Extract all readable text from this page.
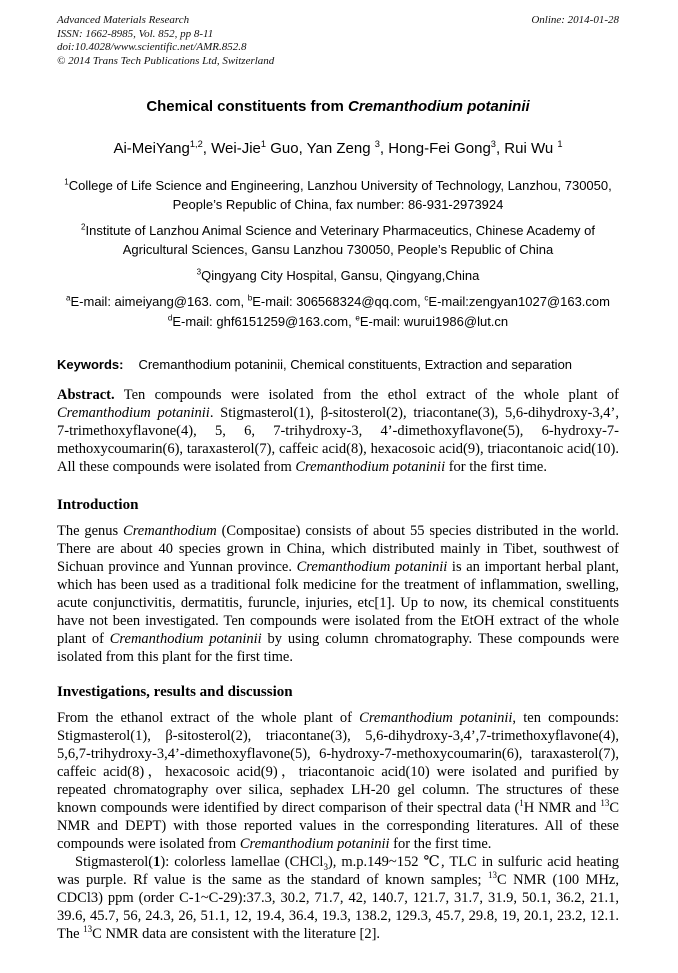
Advanced Materials Research
ISSN: 1662-8985, Vol. 852, pp 8-11
doi:10.4028/www.scientific.net/AMR.852.8
© 2014 Trans Tech Publications Ltd, Switzerland
Online: 2014-01-28
Chemical constituents from Cremanthodium potaninii

Ai-MeiYang$^{1,2}$, Wei-Jie$^1$ Guo, Yan Zeng $^3$, Hong-Fei Gong$^3$, Rui Wu $^1$

$^1$College of Life Science and Engineering, Lanzhou University of Technology, Lanzhou, 730050, People’s Republic of China, fax number: 86-931-2973924

$^2$Institute of Lanzhou Animal Science and Veterinary Pharmaceutics, Chinese Academy of Agricultural Sciences, Gansu Lanzhou 730050, People’s Republic of China

$^3$Qingyang City Hospital, Gansu, Qingyang,China

$^a$E-mail: aimeiyang@163. com, $^b$E-mail: 306568324@qq.com, $^c$E-mail:zengyan1027@163.com

$^d$E-mail: ghf6151259@163.com, $^e$E-mail: wurui1986@lut.cn

Keywords: Cremanthodium potaninii, Chemical constituents, Extraction and separation

Abstract. Ten compounds were isolated from the ethol extract of the whole plant of Cremanthodium potaninii. Stigmasterol(1), β-sitosterol(2), triacontane(3), 5,6-dihydroxy-3,4’, 7-trimethoxyflavone(4), 5, 6, 7-trihydroxy-3, 4’-dimethoxyflavone(5), 6-hydroxy-7-methoxycoumarin(6), taraxasterol(7), caffeic acid(8), hexacosoic acid(9), triacontanoic acid(10). All these compounds were isolated from Cremanthodium potaninii for the first time.

Introduction

The genus Cremanthodium (Compositae) consists of about 55 species distributed in the world. There are about 40 species grown in China, which distributed mainly in Tibet, southwest of Sichuan province and Yunnan province. Cremanthodium potaninii is an important herbal plant, which has been used as a traditional folk medicine for the treatment of inflammation, swelling, acute conjunctivitis, dermatitis, furuncle, injuries, etc[1]. Up to now, its chemical constituents have not been investigated. Ten compounds were isolated from the EtOH extract of the whole plant of Cremanthodium potaninii by using column chromatography. These compounds were isolated from this plant for the first time.

Investigations, results and discussion

From the ethanol extract of the whole plant of Cremanthodium potaninii, ten compounds: Stigmasterol(1), β-sitosterol(2), triacontane(3), 5,6-dihydroxy-3,4’,7-trimethoxyflavone(4), 5,6,7-trihydroxy-3,4’-dimethoxyflavone(5), 6-hydroxy-7-methoxycoumarin(6), taraxasterol(7), caffeic acid(8)，hexacosoic acid(9)，triacontanoic acid(10) were isolated and purified by repeated chromatography over silica, sephadex LH-20 gel column. The structures of these known compounds were identified by direct comparison of their spectral data ($^1$H NMR and $^{13}$C NMR and DEPT) with those reported values in the corresponding literatures. All of these compounds were isolated from Cremanthodium potaninii for the first time.

Stigmasterol(1): colorless lamellae (CHCl$_3$), m.p.149~152 ℃, TLC in sulfuric acid heating was purple. Rf value is the same as the standard of known samples; $^{13}$C NMR (100 MHz, CDCl3) ppm (order C-1~C-29):37.3, 30.2, 71.7, 42, 140.7, 121.7, 31.7, 31.9, 50.1, 36.2, 21.1, 39.6, 45.7, 56, 24.3, 26, 51.1, 12, 19.4, 36.4, 19.3, 138.2, 129.3, 45.7, 29.8, 19, 20.1, 23.2, 12.1. The $^{13}$C NMR data are consistent with the literature [2].
